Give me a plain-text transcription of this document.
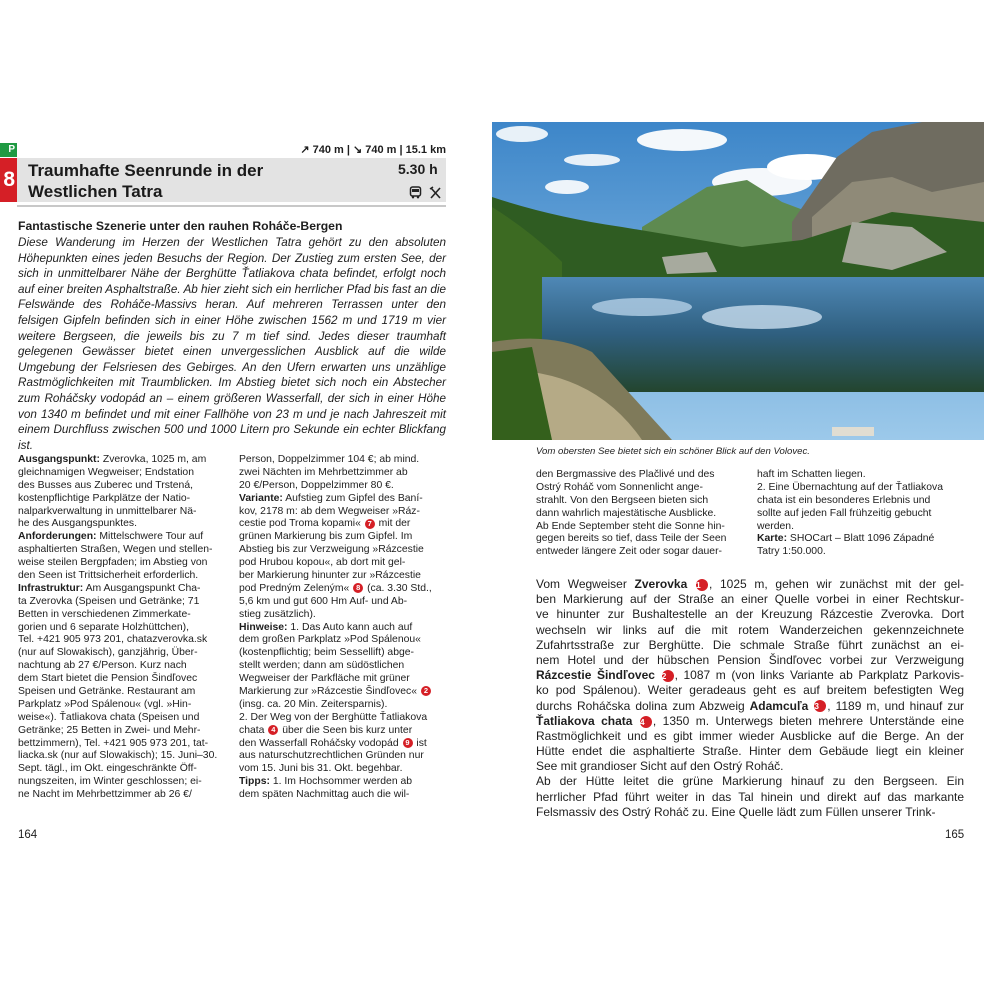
P
8
↗ 740 m | ↘ 740 m | 15.1 km
Traumhafte Seenrunde in der
Westlichen Tatra
5.30 h

Fantastische Szenerie unter den rauhen Roháče-Bergen

Diese Wanderung im Herzen der Westlichen Tatra gehört zu den absoluten Höhepunkten eines jeden Besuchs der Region. Der Zustieg zum ersten See, der sich in unmittelbarer Nähe der Berghütte Ťatliakova chata befindet, erfolgt noch auf einer breiten Asphaltstraße. Ab hier zieht sich ein herrlicher Pfad bis fast an die Felswände des Roháče-Massivs heran. Auf mehreren Terrassen unter den felsigen Gipfeln befinden sich in einer Höhe zwischen 1562 m und 1719 m vier weitere Bergseen, die jeweils bis zu 7 m tief sind. Jedes dieser traumhaft gelegenen Gewässer bietet einen unvergesslichen Ausblick auf die wilde Umgebung der Felsriesen des Gebirges. An den Ufern erwarten uns unzählige Rastmöglichkeiten mit Traumblicken. Im Abstieg bietet sich noch ein Abstecher zum Roháčsky vodopád an – einem größeren Wasserfall, der sich in einer Höhe von 1340 m befindet und mit einer Fallhöhe von 23 m und je nach Jahreszeit mit einem Durchfluss zwischen 500 und 1000 Litern pro Sekunde ein echter Blickfang ist.

Ausgangspunkt: Zverovka, 1025 m, am
gleichnamigen Wegweiser; Endstation
des Busses aus Zuberec und Trstená,
kostenpflichtige Parkplätze der Natio-
nalparkverwaltung in unmittelbarer Nä-
he des Ausgangspunktes.
Anforderungen: Mittelschwere Tour auf
asphaltierten Straßen, Wegen und stellen-
weise steilen Bergpfaden; im Abstieg von
den Seen ist Trittsicherheit erforderlich.
Infrastruktur: Am Ausgangspunkt Cha-
ta Zverovka (Speisen und Getränke; 71
Betten in verschiedenen Zimmerkate-
gorien und 6 separate Holzhüttchen),
Tel. +421 905 973 201, chatazverovka.sk
(nur auf Slowakisch), ganzjährig, Über-
nachtung ab 27 €/Person. Kurz nach
dem Start bietet die Pension Šindľovec
Speisen und Getränke. Restaurant am
Parkplatz »Pod Spálenou« (vgl. »Hin-
weise«). Ťatliakova chata (Speisen und
Getränke; 25 Betten in Zwei- und Mehr-
bettzimmern), Tel. +421 905 973 201, tat-
liacka.sk (nur auf Slowakisch); 15. Juni–30.
Sept. tägl., im Okt. eingeschränkte Öff-
nungszeiten, im Winter geschlossen; ei-
ne Nacht im Mehrbettzimmer ab 26 €/
Person, Doppelzimmer 104 €; ab mind.
zwei Nächten im Mehrbettzimmer ab
20 €/Person, Doppelzimmer 80 €.
Variante: Aufstieg zum Gipfel des Baní-
kov, 2178 m: ab dem Wegweiser »Ráz-
cestie pod Troma kopami« 7 mit der
grünen Markierung bis zum Gipfel. Im
Abstieg bis zur Verzweigung »Rázcestie
pod Hrubou kopou«, ab dort mit gel-
ber Markierung hinunter zur »Rázcestie
pod Predným Zeleným« 8 (ca. 3.30 Std.,
5,6 km und gut 600 Hm Auf- und Ab-
stieg zusätzlich).
Hinweise: 1. Das Auto kann auch auf
dem großen Parkplatz »Pod Spálenou«
(kostenpflichtig; beim Sessellift) abge-
stellt werden; dann am südöstlichen
Wegweiser der Parkfläche mit grüner
Markierung zur »Rázcestie Šindľovec« 2
(insg. ca. 20 Min. Zeitersparnis).
2. Der Weg von der Berghütte Ťatliakova
chata 4 über die Seen bis kurz unter
den Wasserfall Roháčsky vodopád 9 ist
aus naturschutzrechtlichen Gründen nur
vom 15. Juni bis 31. Okt. begehbar.
Tipps: 1. Im Hochsommer werden ab
dem späten Nachmittag auch die wil-
164
Vom obersten See bietet sich ein schöner Blick auf den Volovec.
den Bergmassive des Plačlivé und des
Ostrý Roháč vom Sonnenlicht ange-
strahlt. Von den Bergseen bieten sich
dann wahrlich majestätische Ausblicke.
Ab Ende September steht die Sonne hin-
gegen bereits so tief, dass Teile der Seen
entweder längere Zeit oder sogar dauer-
haft im Schatten liegen.
2. Eine Übernachtung auf der Ťatliakova
chata ist ein besonderes Erlebnis und
sollte auf jeden Fall frühzeitig gebucht
werden.
Karte: SHOCart – Blatt 1096 Západné
Tatry 1:50.000.
Vom Wegweiser Zverovka 1 , 1025 m, gehen wir zunächst mit der gel-
ben Markierung auf der Straße an einer Quelle vorbei in einer Rechtskur-
ve hinunter zur Bushaltestelle an der Kreuzung Rázcestie Zverovka. Dort
wechseln wir links auf die mit rotem Wanderzeichen gekennzeichnete
Zufahrtsstraße zur Berghütte. Die schmale Straße führt zunächst an ei-
nem Hotel und der hübschen Pension Šindľovec vorbei zur Verzweigung
Rázcestie Šindľovec 2 , 1087 m (von links Variante ab Parkplatz Parkovis-
ko pod Spálenou). Weiter geradeaus geht es auf breitem befestigten Weg
durchs Roháčska dolina zum Abzweig Adamcuľa 3 , 1189 m, und hinauf zur
Ťatliakova chata 4 , 1350 m. Unterwegs bieten mehrere Unterstände eine
Rastmöglichkeit und es gibt immer wieder Ausblicke auf die Berge. An der
Hütte endet die asphaltierte Straße. Hinter dem Gebäude liegt ein kleiner
See mit grandioser Sicht auf den Ostrý Roháč.
Ab der Hütte leitet die grüne Markierung hinauf zu den Bergseen. Ein
herrlicher Pfad führt weiter in das Tal hinein und direkt auf das markante
Felsmassiv des Ostrý Roháč zu. Eine Quelle lädt zum Füllen unserer Trink-
165
